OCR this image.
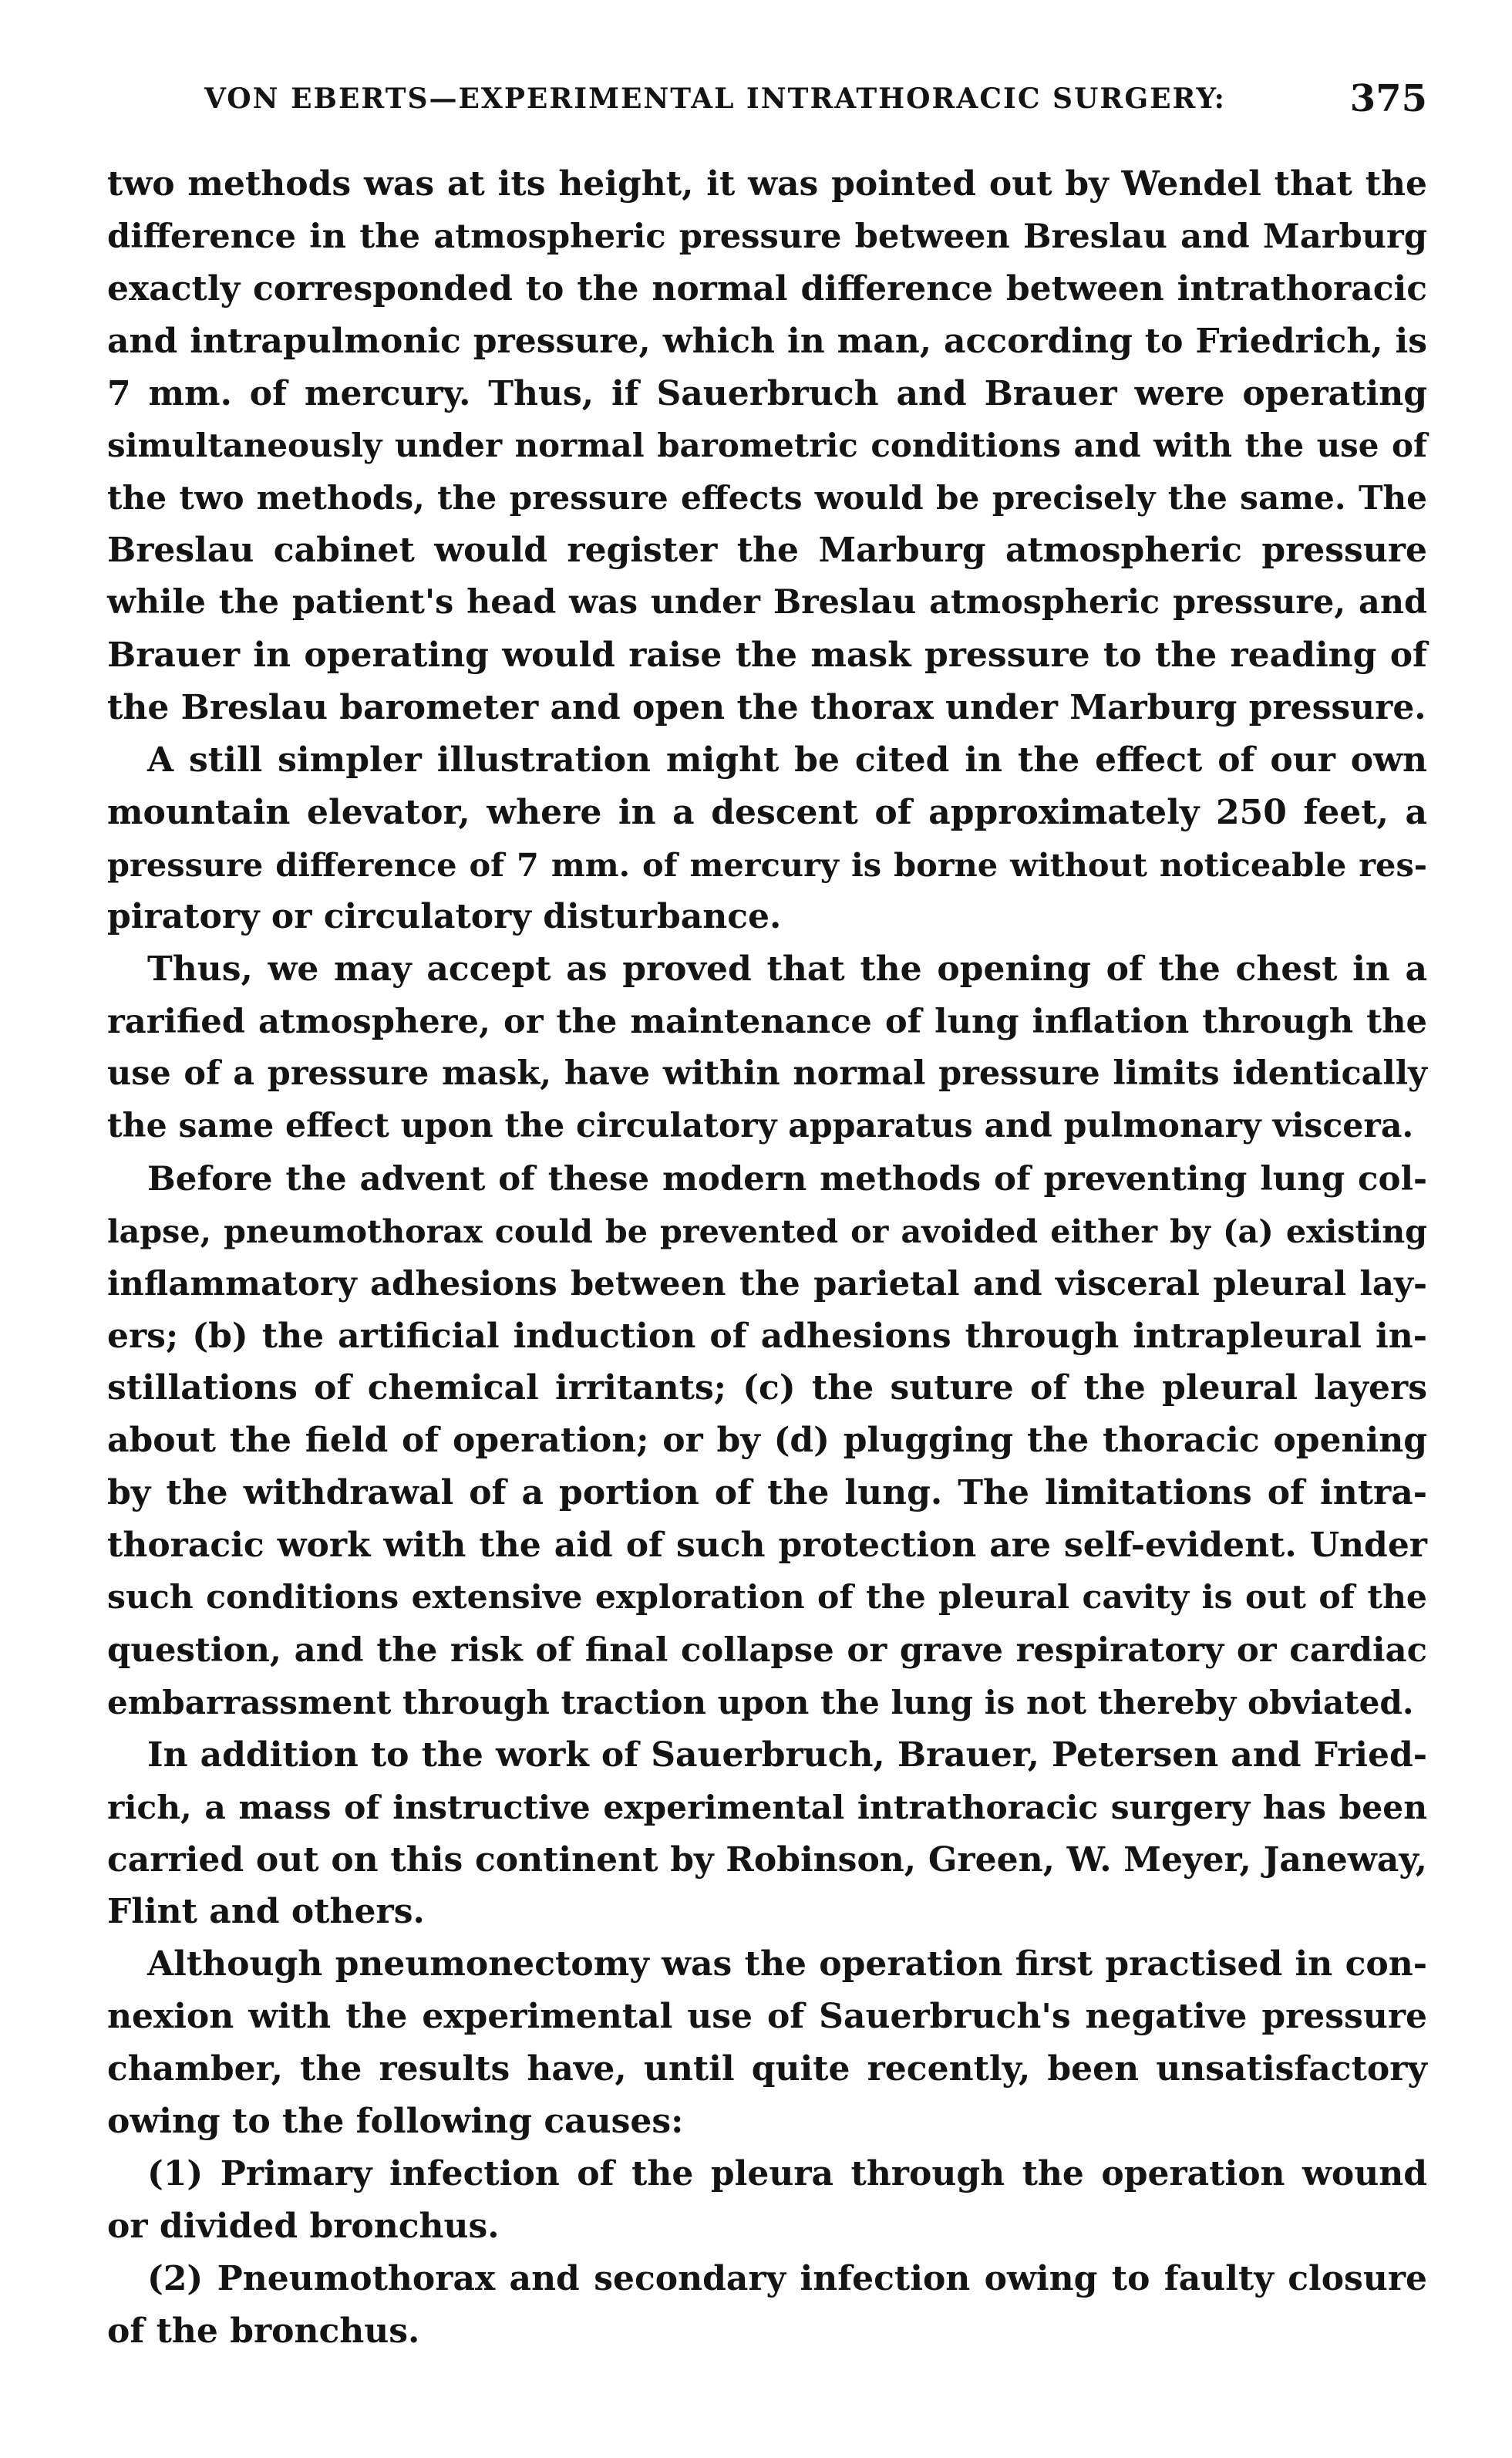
VON EBERTS—EXPERIMENTAL INTRATHORACIC SURGERY:	375
two methods was at its height, it was pointed out by Wendel that the
difference in the atmospheric pressure between Breslau and Marburg
exactly corresponded to the normal difference between intrathoracic
and intrapulmonic pressure, which in man, according to Friedrich, is
7 mm. of mercury. Thus, if Sauerbruch and Brauer were operating
simultaneously under normal barometric conditions and with the use of
the two methods, the pressure effects would be precisely the same. The
Breslau cabinet would register the Marburg atmospheric pressure
while the patient's head was under Breslau atmospheric pressure, and
Brauer in operating would raise the mask pressure to the reading of
the Breslau barometer and open the thorax under Marburg pressure.
A still simpler illustration might be cited in the effect of our own
mountain elevator, where in a descent of approximately 250 feet, a
pressure difference of 7 mm. of mercury is borne without noticeable res-
piratory or circulatory disturbance.
Thus, we may accept as proved that the opening of the chest in a
rarified atmosphere, or the maintenance of lung inflation through the
use of a pressure mask, have within normal pressure limits identically
the same effect upon the circulatory apparatus and pulmonary viscera.
Before the advent of these modern methods of preventing lung col-
lapse, pneumothorax could be prevented or avoided either by (a) existing
inflammatory adhesions between the parietal and visceral pleural lay-
ers; (b) the artificial induction of adhesions through intrapleural in-
stillations of chemical irritants; (c) the suture of the pleural layers
about the field of operation; or by (d) plugging the thoracic opening
by the withdrawal of a portion of the lung. The limitations of intra-
thoracic work with the aid of such protection are self-evident. Under
such conditions extensive exploration of the pleural cavity is out of the
question, and the risk of final collapse or grave respiratory or cardiac
embarrassment through traction upon the lung is not thereby obviated.
In addition to the work of Sauerbruch, Brauer, Petersen and Fried-
rich, a mass of instructive experimental intrathoracic surgery has been
carried out on this continent by Robinson, Green, W. Meyer, Janeway,
Flint and others.
Although pneumonectomy was the operation first practised in con-
nexion with the experimental use of Sauerbruch's negative pressure
chamber, the results have, until quite recently, been unsatisfactory
owing to the following causes:
(1) Primary infection of the pleura through the operation wound
or divided bronchus.
(2) Pneumothorax and secondary infection owing to faulty closure
of the bronchus.
